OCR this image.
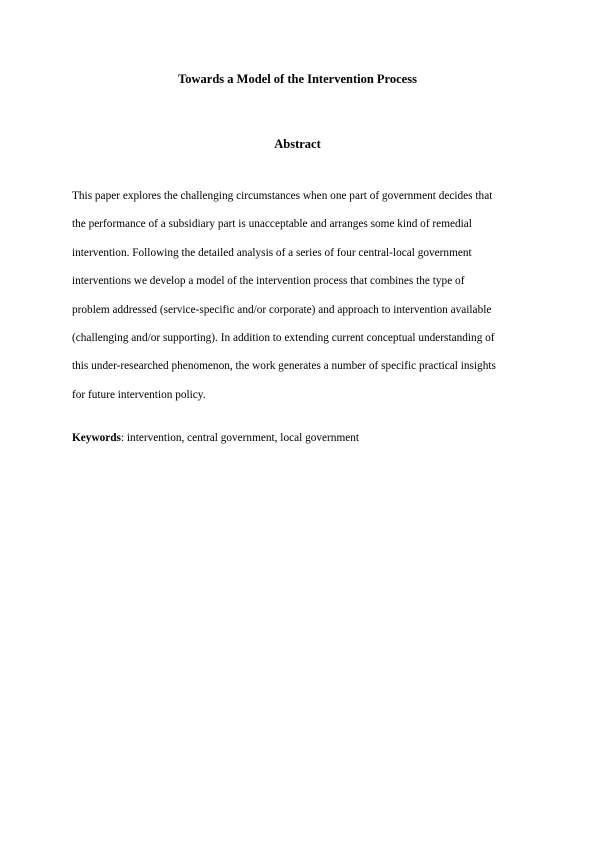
Towards a Model of the Intervention Process
Abstract
This paper explores the challenging circumstances when one part of government decides that
the performance of a subsidiary part is unacceptable and arranges some kind of remedial
intervention. Following the detailed analysis of a series of four central-local government
interventions we develop a model of the intervention process that combines the type of
problem addressed (service-specific and/or corporate) and approach to intervention available
(challenging and/or supporting). In addition to extending current conceptual understanding of
this under-researched phenomenon, the work generates a number of specific practical insights
for future intervention policy.

Keywords: intervention, central government, local government
